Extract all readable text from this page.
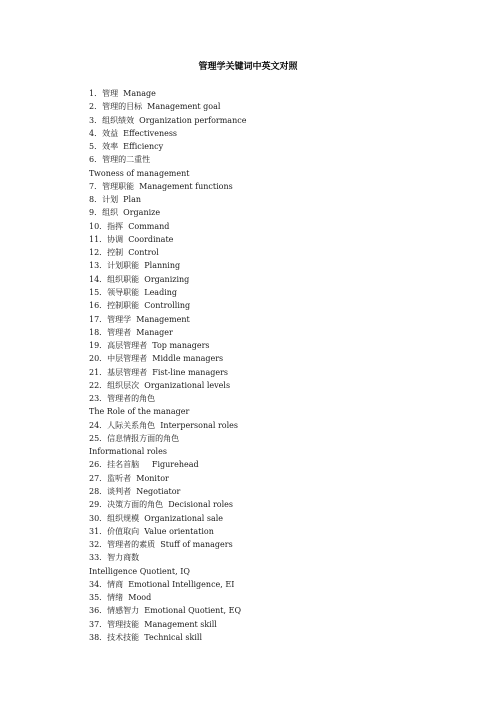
管理学关键词中英文对照
1．管理  Manage
2．管理的目标  Management goal
3．组织绩效  Organization performance
4．效益  Effectiveness
5．效率  Efficiency
6．管理的二重性
Twoness of management
7．管理职能  Management functions
8．计划  Plan
9．组织  Organize
10．指挥  Command
11．协调  Coordinate
12．控制  Control
13．计划职能  Planning
14．组织职能  Organizing
15．领导职能  Leading
16．控制职能  Controlling
17．管理学  Management
18．管理者  Manager
19．高层管理者  Top managers
20．中层管理者  Middle managers
21．基层管理者  Fist-line managers
22．组织层次  Organizational levels
23．管理者的角色
The Role of the manager
24．人际关系角色  Interpersonal roles
25．信息情报方面的角色
Informational roles
26．挂名首脑     Figurehead
27．监听者  Monitor
28．谈判者  Negotiator
29．决策方面的角色  Decisional roles
30．组织规模  Organizational sale
31．价值取向  Value orientation
32．管理者的素质  Stuff of managers
33．智力商数
Intelligence Quotient, IQ
34．情商  Emotional Intelligence, EI
35．情绪  Mood
36．情感智力  Emotional Quotient, EQ
37．管理技能  Management skill
38．技术技能  Technical skill
